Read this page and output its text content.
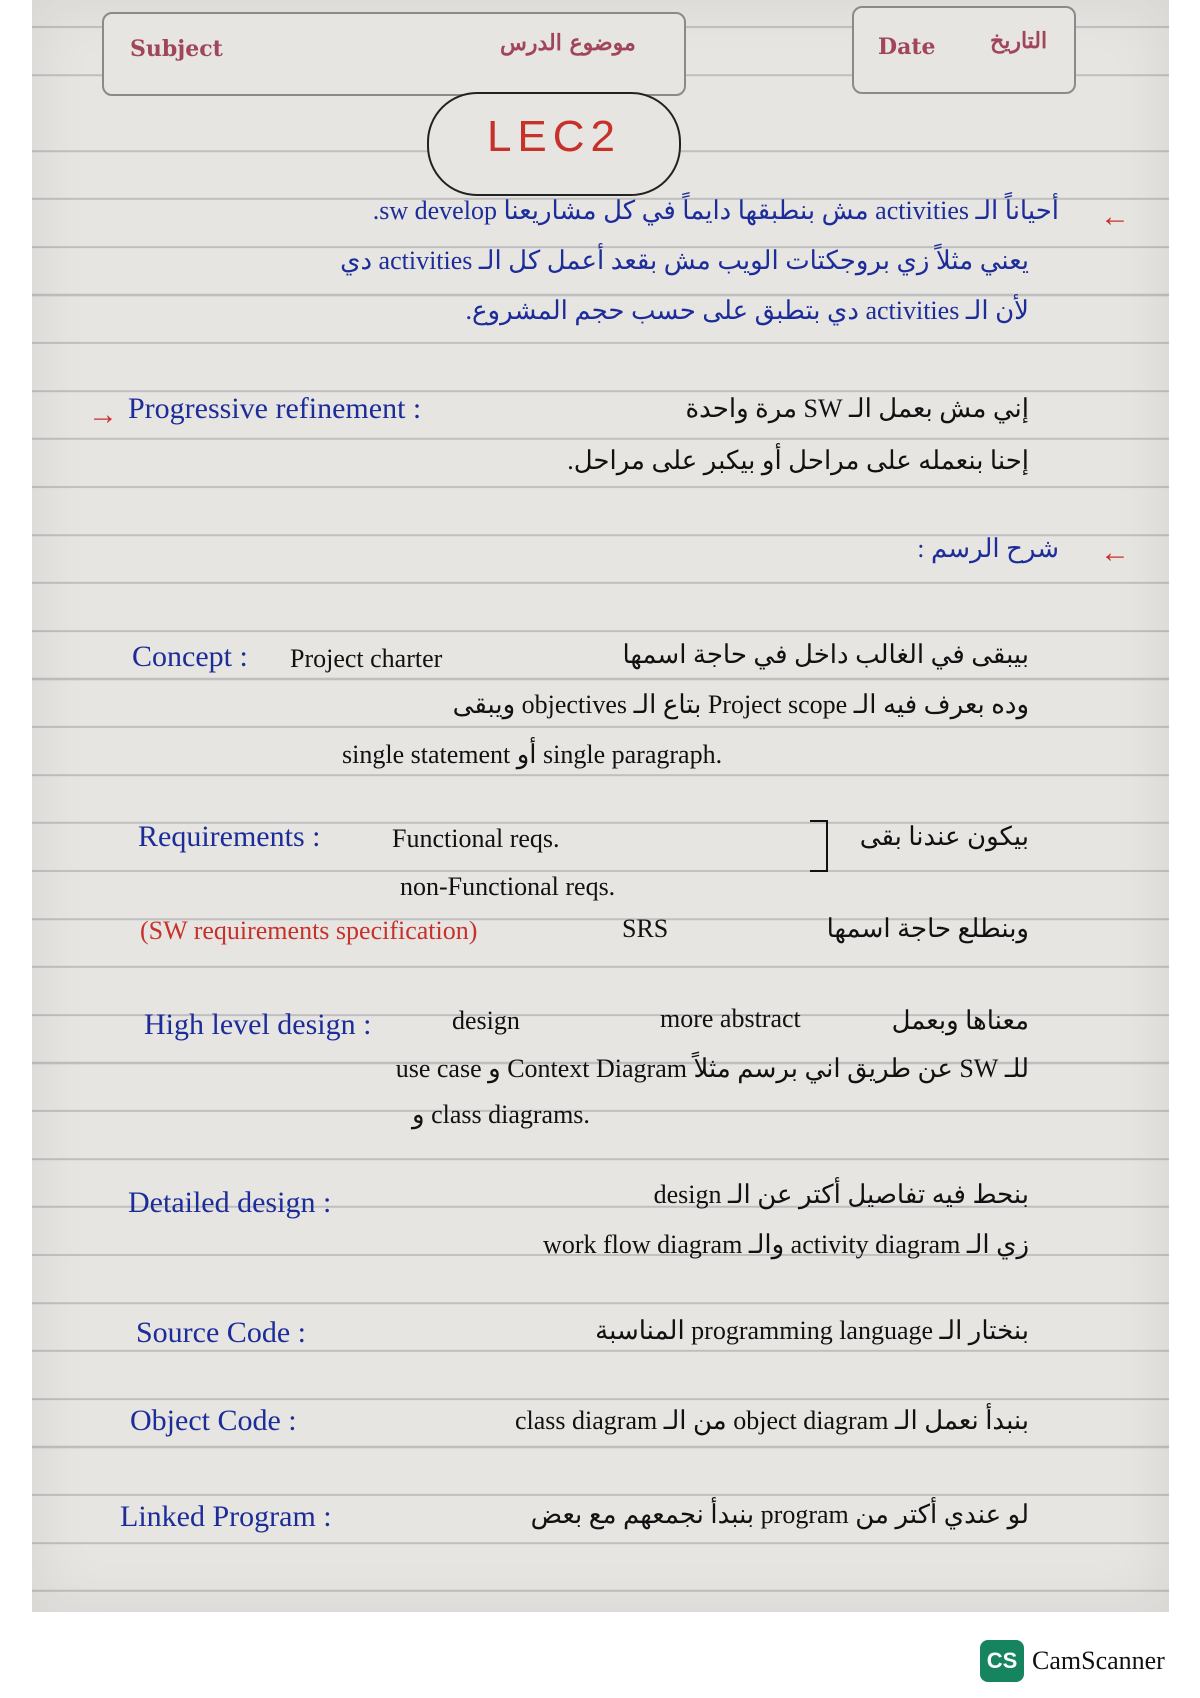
Subject	موضوع الدرس	Date التاريخ
LEC2
←
أحياناً الـ activities مش بنطبقها دايماً في كل مشاريعنا sw develop.
يعني مثلاً زي بروجكتات الويب مش بقعد أعمل كل الـ activities دي
لأن الـ activities دي بتطبق على حسب حجم المشروع.
→ Progressive refinement :	إني مش بعمل الـ SW مرة واحدة
إحنا بنعمله على مراحل أو بيكبر على مراحل.
←
شرح الرسم :
Concept : Project charter	بيبقى في الغالب داخل في حاجة اسمها
وده بعرف فيه الـ Project scope بتاع الـ objectives ويبقى
single statement أو single paragraph.
Requirements :	Functional reqs.	بيكون عندنا بقى
non-Functional reqs.
(SW requirements specification)	SRS	وبنطلع حاجة اسمها
High level design :	design	more abstract	معناها وبعمل
للـ SW عن طريق اني برسم مثلاً Context Diagram و use case
و class diagrams.
Detailed design :	بنحط فيه تفاصيل أكتر عن الـ design
زي الـ activity diagram والـ work flow diagram
Source Code :	بنختار الـ programming language المناسبة
Object Code :	بنبدأ نعمل الـ object diagram من الـ class diagram
Linked Program :	لو عندي أكتر من program بنبدأ نجمعهم مع بعض
CS CamScanner
